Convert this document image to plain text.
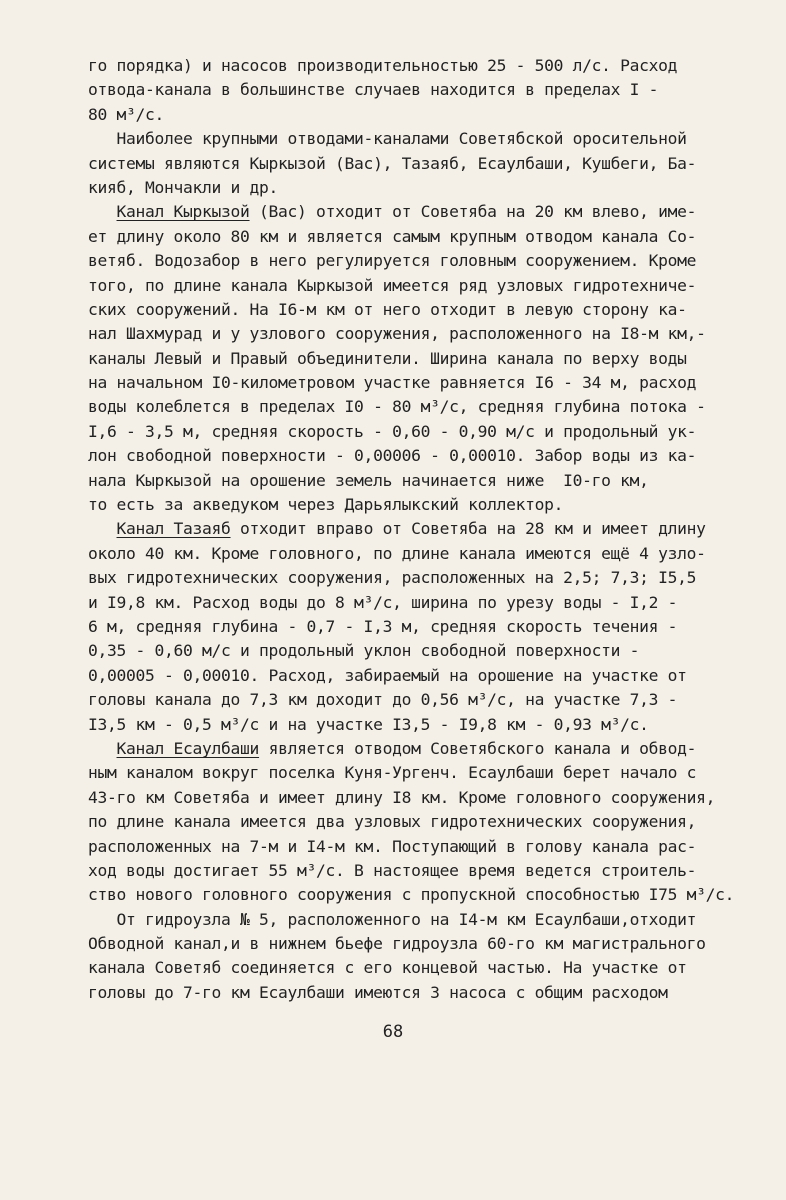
го порядка) и насосов производительностью 25 - 500 л/с. Расход
отвода-канала в большинстве случаев находится в пределах I -
80 м³/с.
Наиболее крупными отводами-каналами Советябской оросительной
системы являются Кыркызой (Вас), Тазаяб, Есаулбаши, Кушбеги, Ба-
кияб, Мончакли и др.
Канал Кыркызой (Вас) отходит от Советяба на 20 км влево, име-
ет длину около 80 км и является самым крупным отводом канала Со-
ветяб. Водозабор в него регулируется головным сооружением. Кроме
того, по длине канала Кыркызой имеется ряд узловых гидротехниче-
ских сооружений. На I6-м км от него отходит в левую сторону ка-
нал Шахмурад и у узлового сооружения, расположенного на I8-м км,-
каналы Левый и Правый объединители. Ширина канала по верху воды
на начальном I0-километровом участке равняется I6 - 34 м, расход
воды колеблется в пределах I0 - 80 м³/с, средняя глубина потока -
I,6 - 3,5 м, средняя скорость - 0,60 - 0,90 м/с и продольный ук-
лон свободной поверхности - 0,00006 - 0,00010. Забор воды из ка-
нала Кыркызой на орошение земель начинается ниже  I0-го км,
то есть за акведуком через Дарьялыкский коллектор.
Канал Тазаяб отходит вправо от Советяба на 28 км и имеет длину
около 40 км. Кроме головного, по длине канала имеются ещё 4 узло-
вых гидротехнических сооружения, расположенных на 2,5; 7,3; I5,5
и I9,8 км. Расход воды до 8 м³/с, ширина по урезу воды - I,2 -
6 м, средняя глубина - 0,7 - I,3 м, средняя скорость течения -
0,35 - 0,60 м/с и продольный уклон свободной поверхности -
0,00005 - 0,00010. Расход, забираемый на орошение на участке от
головы канала до 7,3 км доходит до 0,56 м³/с, на участке 7,3 -
I3,5 км - 0,5 м³/с и на участке I3,5 - I9,8 км - 0,93 м³/с.
Канал Есаулбаши является отводом Советябского канала и обвод-
ным каналом вокруг поселка Куня-Ургенч. Есаулбаши берет начало с
43-го км Советяба и имеет длину I8 км. Кроме головного сооружения,
по длине канала имеется два узловых гидротехнических сооружения,
расположенных на 7-м и I4-м км. Поступающий в голову канала рас-
ход воды достигает 55 м³/с. В настоящее время ведется строитель-
ство нового головного сооружения с пропускной способностью I75 м³/с.
От гидроузла № 5, расположенного на I4-м км Есаулбаши,отходит
Обводной канал,и в нижнем бьефе гидроузла 60-го км магистрального
канала Советяб соединяется с его концевой частью. На участке от
головы до 7-го км Есаулбаши имеются 3 насоса с общим расходом
68
